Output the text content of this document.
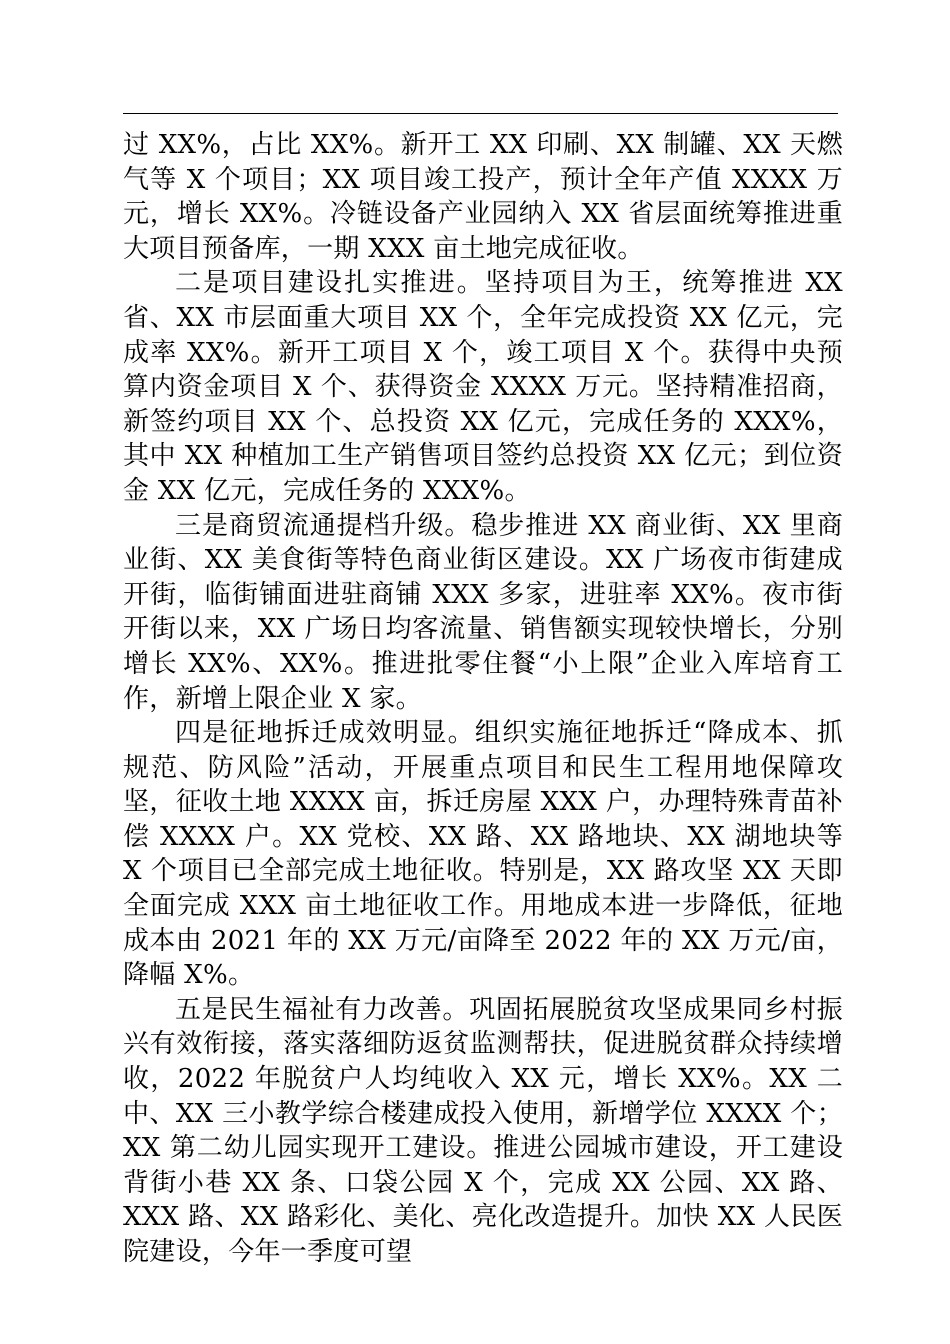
过 XX%，占比 XX%。新开工 XX 印刷、XX 制罐、XX 天燃气等 X 个项目；XX 项目竣工投产，预计全年产值 XXXX 万元，增长 XX%。冷链设备产业园纳入 XX 省层面统筹推进重大项目预备库，一期 XXX 亩土地完成征收。

二是项目建设扎实推进。坚持项目为王，统筹推进 XX 省、XX 市层面重大项目 XX 个，全年完成投资 XX 亿元，完成率 XX%。新开工项目 X 个，竣工项目 X 个。获得中央预算内资金项目 X 个、获得资金 XXXX 万元。坚持精准招商，新签约项目 XX 个、总投资 XX 亿元，完成任务的 XXX%，其中 XX 种植加工生产销售项目签约总投资 XX 亿元；到位资金 XX 亿元，完成任务的 XXX%。

三是商贸流通提档升级。稳步推进 XX 商业街、XX 里商业街、XX 美食街等特色商业街区建设。XX 广场夜市街建成开街，临街铺面进驻商铺 XXX 多家，进驻率 XX%。夜市街开街以来，XX 广场日均客流量、销售额实现较快增长，分别增长 XX%、XX%。推进批零住餐“小上限”企业入库培育工作，新增上限企业 X 家。

四是征地拆迁成效明显。组织实施征地拆迁“降成本、抓规范、防风险”活动，开展重点项目和民生工程用地保障攻坚，征收土地 XXXX 亩，拆迁房屋 XXX 户，办理特殊青苗补偿 XXXX 户。XX 党校、XX 路、XX 路地块、XX 湖地块等 X 个项目已全部完成土地征收。特别是，XX 路攻坚 XX 天即全面完成 XXX 亩土地征收工作。用地成本进一步降低，征地成本由 2021 年的 XX 万元/亩降至 2022 年的 XX 万元/亩，降幅 X%。

五是民生福祉有力改善。巩固拓展脱贫攻坚成果同乡村振兴有效衔接，落实落细防返贫监测帮扶，促进脱贫群众持续增收，2022 年脱贫户人均纯收入 XX 元，增长 XX%。XX 二中、XX 三小教学综合楼建成投入使用，新增学位 XXXX 个；XX 第二幼儿园实现开工建设。推进公园城市建设，开工建设背街小巷 XX 条、口袋公园 X 个，完成 XX 公园、XX 路、XXX 路、XX 路彩化、美化、亮化改造提升。加快 XX 人民医院建设，今年一季度可望
